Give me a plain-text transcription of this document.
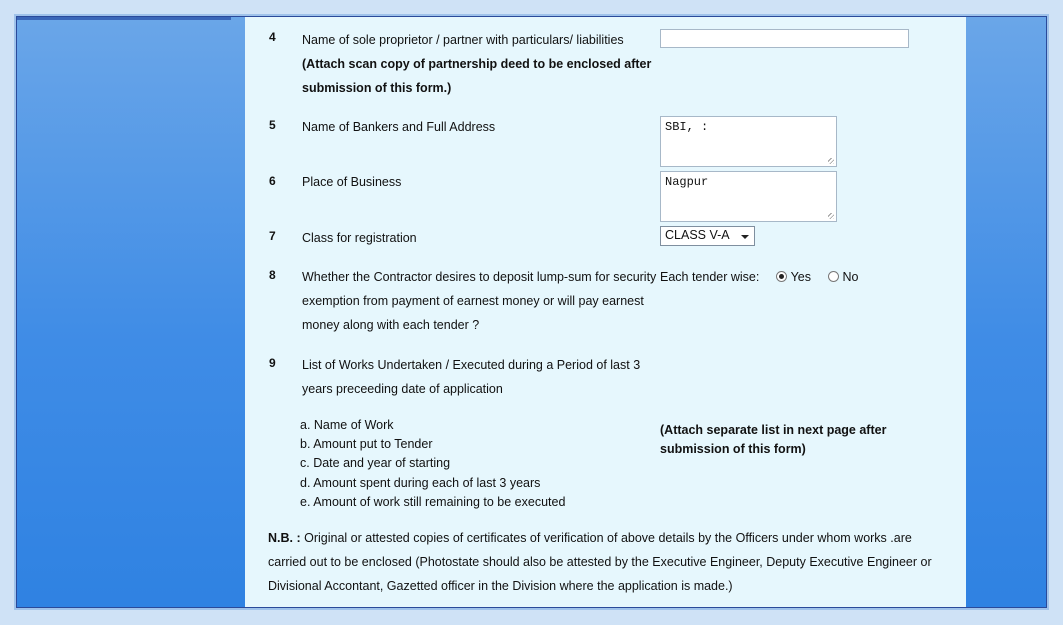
4 Name of sole proprietor / partner with particulars/ liabilities
(Attach scan copy of partnership deed to be enclosed after submission of this form.)
5 Name of Bankers and Full Address	SBI, :
6 Place of Business	Nagpur
7 Class for registration	CLASS V-A
8 Whether the Contractor desires to deposit lump-sum for security exemption from payment of earnest money or will pay earnest money along with each tender ?
Each tender wise: Yes	No
9 List of Works Undertaken / Executed during a Period of last 3 years preceeding date of application
a. Name of Work
b. Amount put to Tender
c. Date and year of starting
d. Amount spent during each of last 3 years
e. Amount of work still remaining to be executed
(Attach separate list in next page after submission of this form)
N.B. : Original or attested copies of certificates of verification of above details by the Officers under whom works .are carried out to be enclosed (Photostate should also be attested by the Executive Engineer, Deputy Executive Engineer or Divisional Accontant, Gazetted officer in the Division where the application is made.)
